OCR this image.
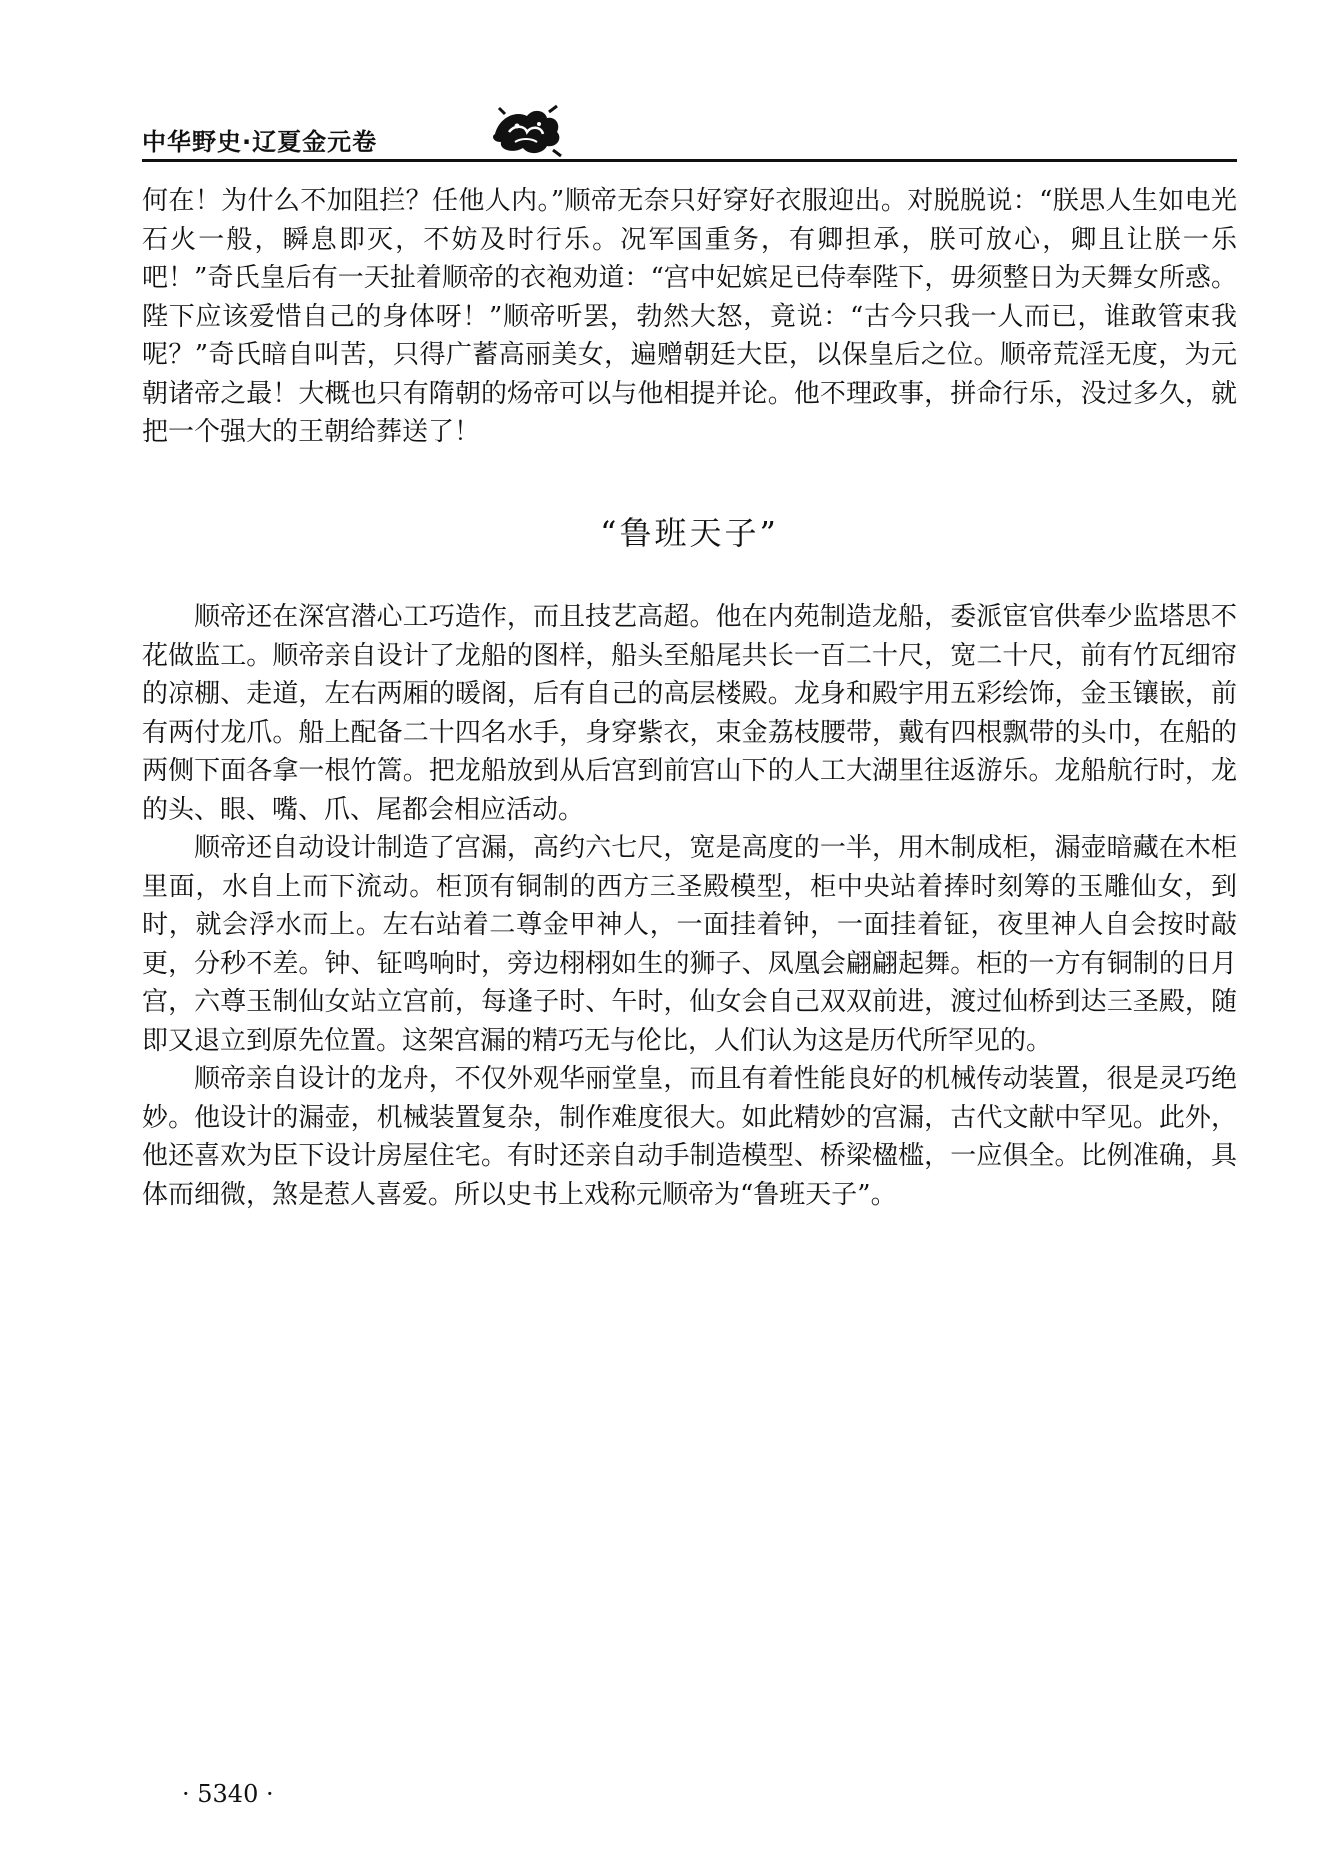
中华野史·辽夏金元卷

何在！为什么不加阻拦？任他人内。”顺帝无奈只好穿好衣服迎出。对脱脱说：“朕思人生如电光石火一般，瞬息即灭，不妨及时行乐。况军国重务，有卿担承，朕可放心，卿且让朕一乐吧！”奇氏皇后有一天扯着顺帝的衣袍劝道：“宫中妃嫔足已侍奉陛下，毋须整日为天舞女所惑。陛下应该爱惜自己的身体呀！”顺帝听罢，勃然大怒，竟说：“古今只我一人而已，谁敢管束我呢？”奇氏暗自叫苦，只得广蓄高丽美女，遍赠朝廷大臣，以保皇后之位。顺帝荒淫无度，为元朝诸帝之最！大概也只有隋朝的炀帝可以与他相提并论。他不理政事，拼命行乐，没过多久，就把一个强大的王朝给葬送了！

“鲁班天子”

顺帝还在深宫潜心工巧造作，而且技艺高超。他在内苑制造龙船，委派宦官供奉少监塔思不花做监工。顺帝亲自设计了龙船的图样，船头至船尾共长一百二十尺，宽二十尺，前有竹瓦细帘的凉棚、走道，左右两厢的暖阁，后有自己的高层楼殿。龙身和殿宇用五彩绘饰，金玉镶嵌，前有两付龙爪。船上配备二十四名水手，身穿紫衣，束金荔枝腰带，戴有四根飘带的头巾，在船的两侧下面各拿一根竹篙。把龙船放到从后宫到前宫山下的人工大湖里往返游乐。龙船航行时，龙的头、眼、嘴、爪、尾都会相应活动。

顺帝还自动设计制造了宫漏，高约六七尺，宽是高度的一半，用木制成柜，漏壶暗藏在木柜里面，水自上而下流动。柜顶有铜制的西方三圣殿模型，柜中央站着捧时刻筹的玉雕仙女，到时，就会浮水而上。左右站着二尊金甲神人，一面挂着钟，一面挂着钲，夜里神人自会按时敲更，分秒不差。钟、钲鸣响时，旁边栩栩如生的狮子、凤凰会翩翩起舞。柜的一方有铜制的日月宫，六尊玉制仙女站立宫前，每逢子时、午时，仙女会自己双双前进，渡过仙桥到达三圣殿，随即又退立到原先位置。这架宫漏的精巧无与伦比，人们认为这是历代所罕见的。

顺帝亲自设计的龙舟，不仅外观华丽堂皇，而且有着性能良好的机械传动装置，很是灵巧绝妙。他设计的漏壶，机械装置复杂，制作难度很大。如此精妙的宫漏，古代文献中罕见。此外，他还喜欢为臣下设计房屋住宅。有时还亲自动手制造模型、桥梁楹槛，一应俱全。比例准确，具体而细微，煞是惹人喜爱。所以史书上戏称元顺帝为“鲁班天子”。

· 5340 ·
